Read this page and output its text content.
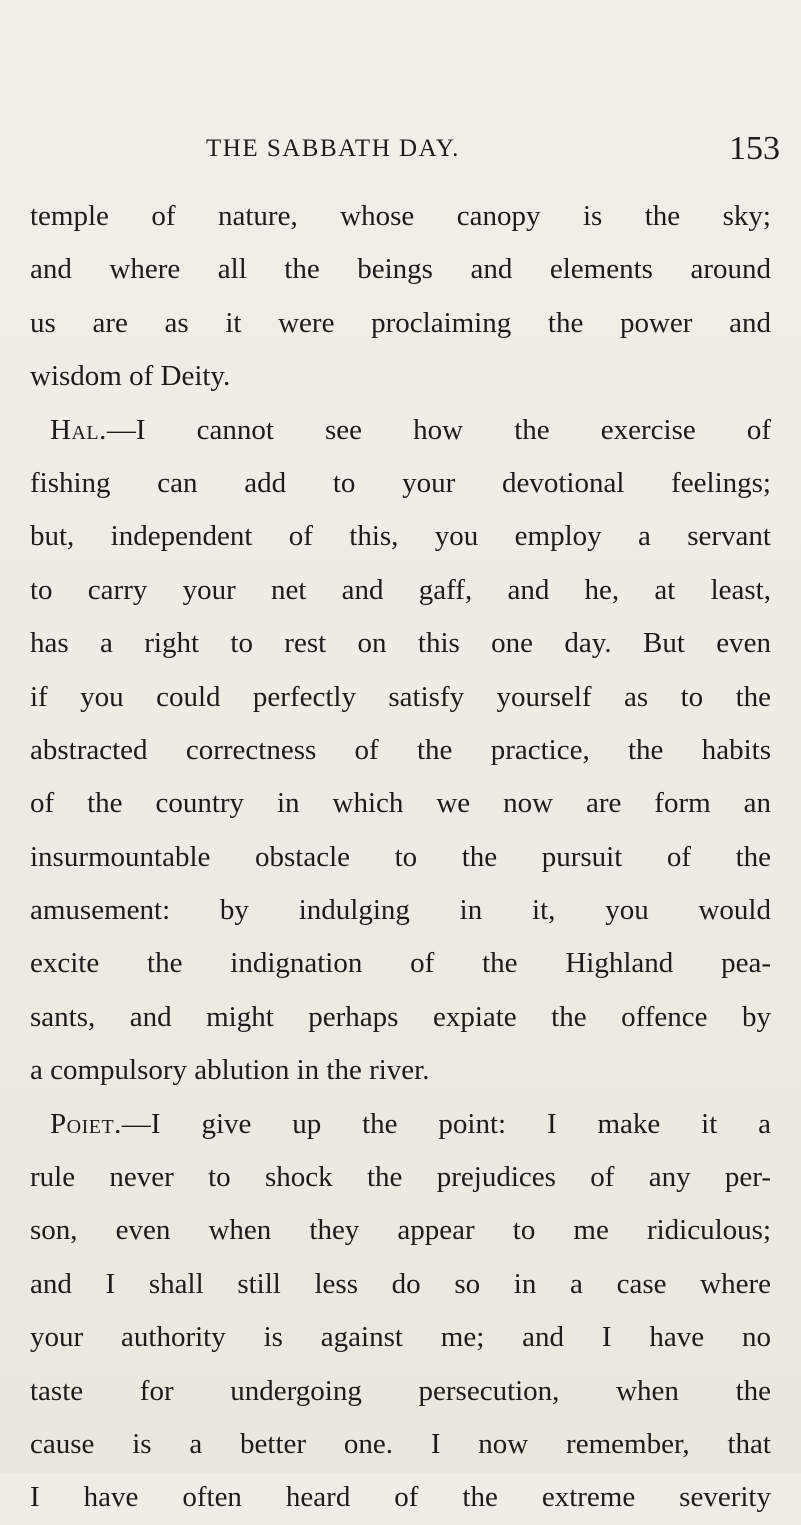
THE SABBATH DAY.	153
temple of nature, whose canopy is the sky;
and where all the beings and elements around
us are as it were proclaiming the power and
wisdom of Deity.
Hal.—I cannot see how the exercise of
fishing can add to your devotional feelings;
but, independent of this, you employ a servant
to carry your net and gaff, and he, at least,
has a right to rest on this one day. But even
if you could perfectly satisfy yourself as to the
abstracted correctness of the practice, the habits
of the country in which we now are form an
insurmountable obstacle to the pursuit of the
amusement: by indulging in it, you would
excite the indignation of the Highland pea-
sants, and might perhaps expiate the offence by
a compulsory ablution in the river.
Poiet.—I give up the point: I make it a
rule never to shock the prejudices of any per-
son, even when they appear to me ridiculous;
and I shall still less do so in a case where
your authority is against me; and I have no
taste for undergoing persecution, when the
cause is a better one. I now remember, that
I have often heard of the extreme severity
